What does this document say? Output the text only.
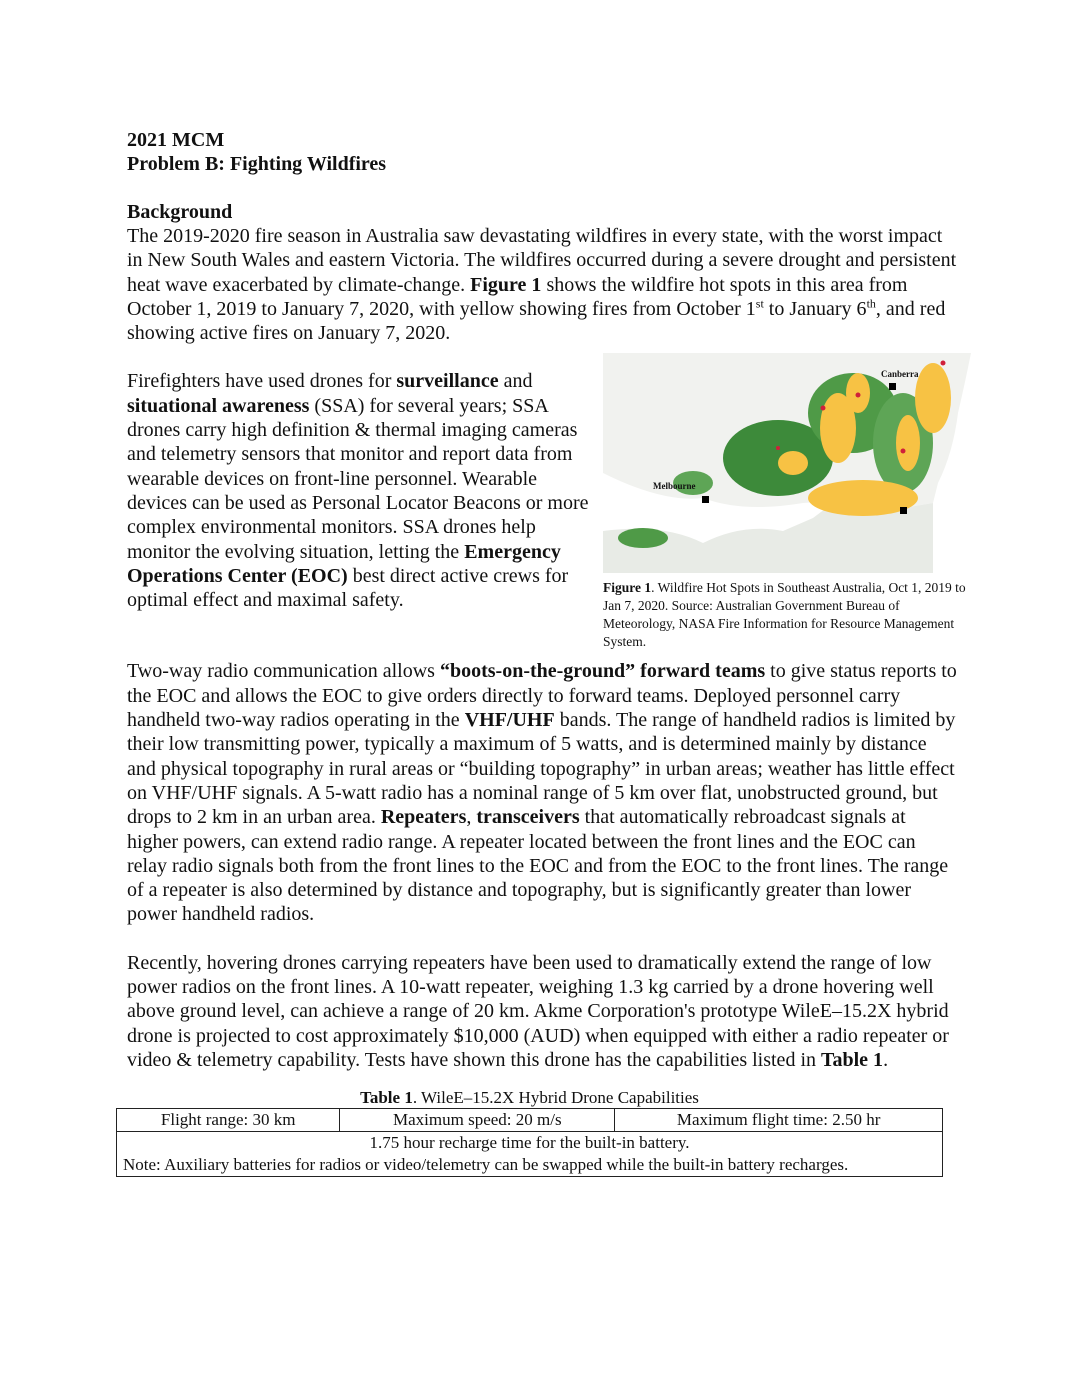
2021 MCM

Problem B: Fighting Wildfires

Background

The 2019-2020 fire season in Australia saw devastating wildfires in every state, with the worst impact in New South Wales and eastern Victoria. The wildfires occurred during a severe drought and persistent heat wave exacerbated by climate-change. Figure 1 shows the wildfire hot spots in this area from October 1, 2019 to January 7, 2020, with yellow showing fires from October 1st to January 6th, and red showing active fires on January 7, 2020.

Firefighters have used drones for surveillance and situational awareness (SSA) for several years; SSA drones carry high definition & thermal imaging cameras and telemetry sensors that monitor and report data from wearable devices on front-line personnel. Wearable devices can be used as Personal Locator Beacons or more complex environmental monitors. SSA drones help monitor the evolving situation, letting the Emergency Operations Center (EOC) best direct active crews for optimal effect and maximal safety.

Canberra
Melbourne

Figure 1. Wildfire Hot Spots in Southeast Australia, Oct 1, 2019 to Jan 7, 2020. Source: Australian Government Bureau of Meteorology, NASA Fire Information for Resource Management System.

Two-way radio communication allows “boots-on-the-ground” forward teams to give status reports to the EOC and allows the EOC to give orders directly to forward teams. Deployed personnel carry handheld two-way radios operating in the VHF/UHF bands. The range of handheld radios is limited by their low transmitting power, typically a maximum of 5 watts, and is determined mainly by distance and physical topography in rural areas or “building topography” in urban areas; weather has little effect on VHF/UHF signals. A 5-watt radio has a nominal range of 5 km over flat, unobstructed ground, but drops to 2 km in an urban area. Repeaters, transceivers that automatically rebroadcast signals at higher powers, can extend radio range. A repeater located between the front lines and the EOC can relay radio signals both from the front lines to the EOC and from the EOC to the front lines. The range of a repeater is also determined by distance and topography, but is significantly greater than lower power handheld radios.

Recently, hovering drones carrying repeaters have been used to dramatically extend the range of low power radios on the front lines. A 10-watt repeater, weighing 1.3 kg carried by a drone hovering well above ground level, can achieve a range of 20 km. Akme Corporation's prototype WileE–15.2X hybrid drone is projected to cost approximately $10,000 (AUD) when equipped with either a radio repeater or video & telemetry capability. Tests have shown this drone has the capabilities listed in Table 1.

Table 1. WileE–15.2X Hybrid Drone Capabilities
Flight range: 30 km	Maximum speed: 20 m/s	Maximum flight time: 2.50 hr

1.75 hour recharge time for the built-in battery.
Note: Auxiliary batteries for radios or video/telemetry can be swapped while the built-in battery recharges.
